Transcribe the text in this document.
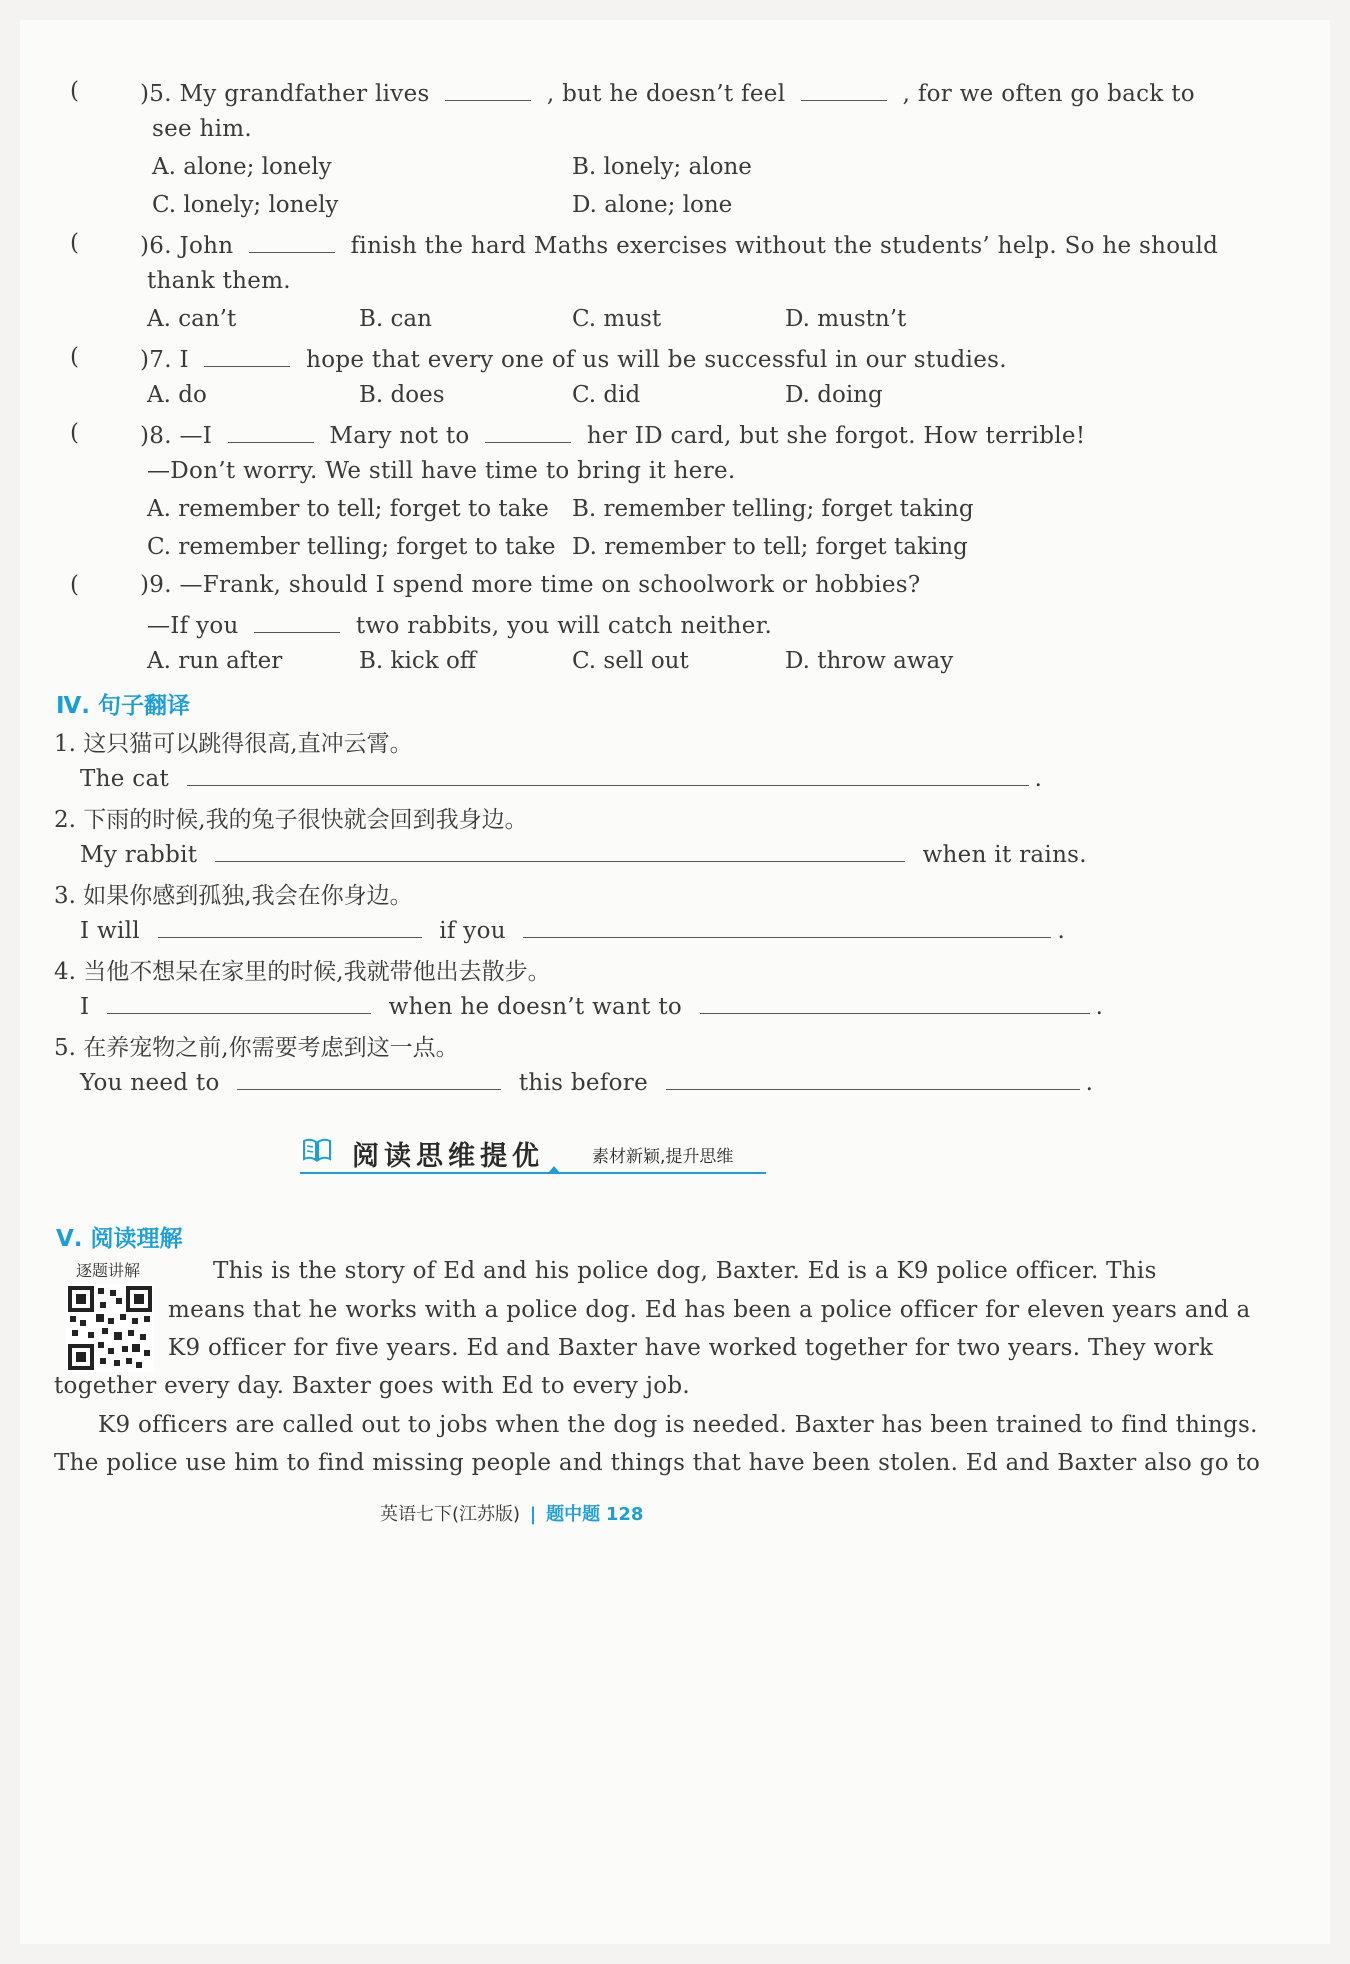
(	)5. My grandfather lives	, but he doesn’t feel	, for we often go back to
see him.
A. alone; lonely	B. lonely; alone
C. lonely; lonely	D. alone; lone
(	)6. John	finish the hard Maths exercises without the students’ help. So he should
thank them.
A. can’t	B. can	C. must	D. mustn’t
(	)7. I	hope that every one of us will be successful in our studies.
A. do	B. does	C. did	D. doing
(	)8. —I	Mary not to	her ID card, but she forgot. How terrible!
—Don’t worry. We still have time to bring it here.
A. remember to tell; forget to take B. remember telling; forget taking
C. remember telling; forget to take D. remember to tell; forget taking
(	)9. —Frank, should I spend more time on schoolwork or hobbies?
—If you	two rabbits, you will catch neither.
A. run after	B. kick off	C. sell out	D. throw away
Ⅳ. 句子翻译
1. 这只猫可以跳得很高,直冲云霄。
The cat	.
2. 下雨的时候,我的兔子很快就会回到我身边。
My rabbit	when it rains.
3. 如果你感到孤独,我会在你身边。
I will	if you	.
4. 当他不想呆在家里的时候,我就带他出去散步。
I	when he doesn’t want to	.
5. 在养宠物之前,你需要考虑到这一点。
You need to	this before	.
阅读思维提优	素材新颖,提升思维
Ⅴ. 阅读理解
逐题讲解	This is the story of Ed and his police dog, Baxter. Ed is a K9 police officer. This
means that he works with a police dog. Ed has been a police officer for eleven years and a
K9 officer for five years. Ed and Baxter have worked together for two years. They work
together every day. Baxter goes with Ed to every job.
K9 officers are called out to jobs when the dog is needed. Baxter has been trained to find things.
The police use him to find missing people and things that have been stolen. Ed and Baxter also go to
英语七下(江苏版) | 题中题 128
